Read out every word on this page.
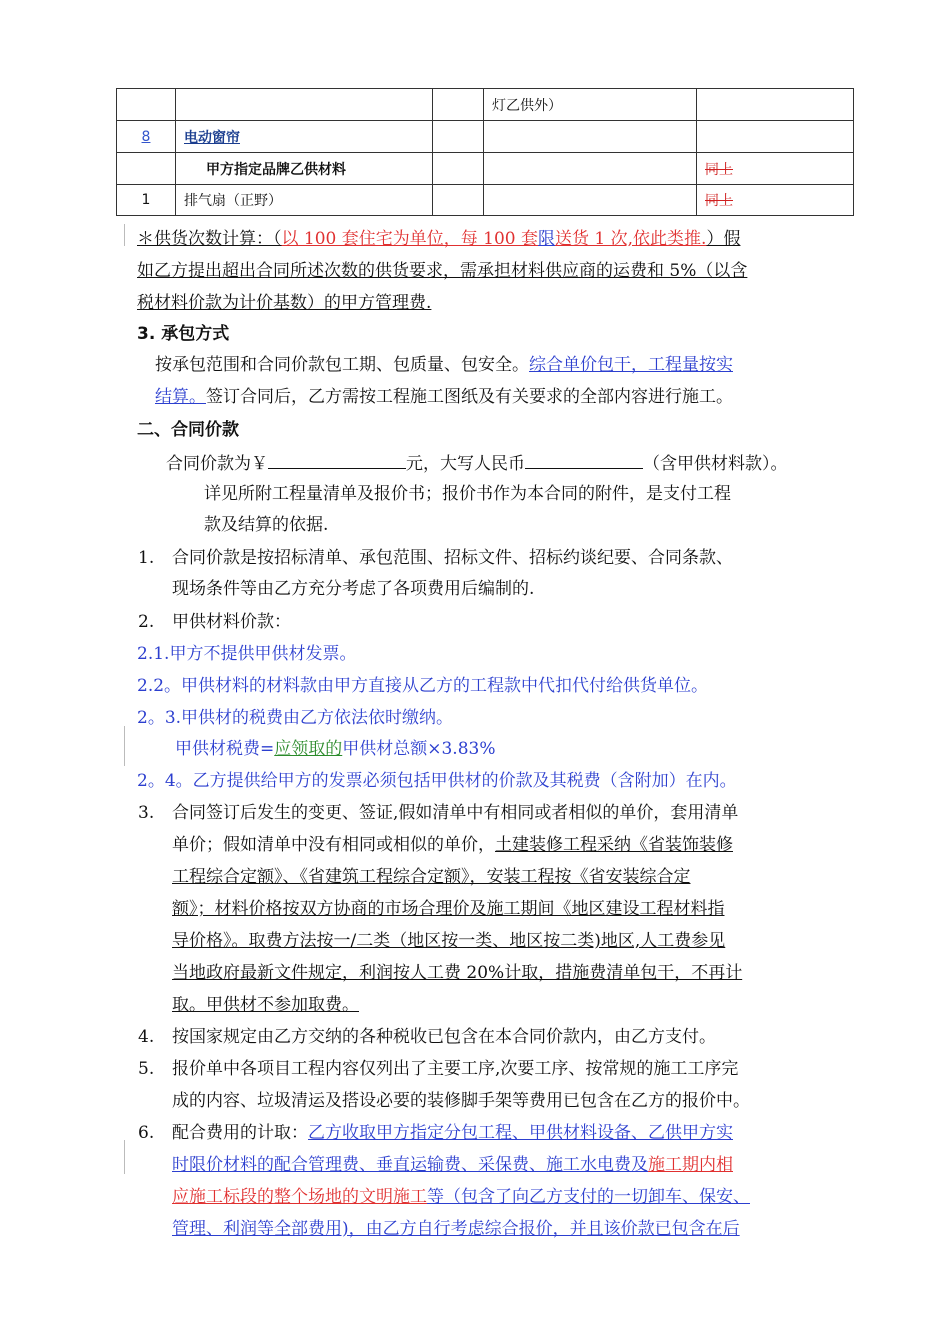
			灯乙供外）	
8	电动窗帘			
	甲方指定品牌乙供材料			同上
1	排气扇（正野）			同上
＊供货次数计算：（以 100 套住宅为单位，每 100 套限送货 1 次,依此类推.）假
如乙方提出超出合同所述次数的供货要求，需承担材料供应商的运费和 5%（以含
税材料价款为计价基数）的甲方管理费.
3. 承包方式
按承包范围和合同价款包工期、包质量、包安全。综合单价包干，工程量按实
结算。签订合同后，乙方需按工程施工图纸及有关要求的全部内容进行施工。
二、合同价款
合同价款为￥	元，大写人民币	（含甲供材料款）。
详见所附工程量清单及报价书；报价书作为本合同的附件，是支付工程
款及结算的依据.
1. 合同价款是按招标清单、承包范围、招标文件、招标约谈纪要、合同条款、
现场条件等由乙方充分考虑了各项费用后编制的.
2. 甲供材料价款：
2.1.甲方不提供甲供材发票。
2.2。甲供材料的材料款由甲方直接从乙方的工程款中代扣代付给供货单位。
2。3.甲供材的税费由乙方依法依时缴纳。
甲供材税费=应领取的甲供材总额×3.83%
2。4。乙方提供给甲方的发票必须包括甲供材的价款及其税费（含附加）在内。
3. 合同签订后发生的变更、签证,假如清单中有相同或者相似的单价，套用清单
单价；假如清单中没有相同或相似的单价，土建装修工程采纳《省装饰装修
工程综合定额》、《省建筑工程综合定额》，安装工程按《省安装综合定
额》；材料价格按双方协商的市场合理价及施工期间《地区建设工程材料指
导价格》。取费方法按一/二类（地区按一类、地区按二类)地区,人工费参见
当地政府最新文件规定，利润按人工费 20%计取，措施费清单包干，不再计
取。甲供材不参加取费。
4. 按国家规定由乙方交纳的各种税收已包含在本合同价款内，由乙方支付。
5. 报价单中各项目工程内容仅列出了主要工序,次要工序、按常规的施工工序完
成的内容、垃圾清运及搭设必要的装修脚手架等费用已包含在乙方的报价中。
6. 配合费用的计取：乙方收取甲方指定分包工程、甲供材料设备、乙供甲方实
时限价材料的配合管理费、垂直运输费、采保费、施工水电费及施工期内相
应施工标段的整个场地的文明施工等（包含了向乙方支付的一切卸车、保安、
管理、利润等全部费用)，由乙方自行考虑综合报价，并且该价款已包含在后
